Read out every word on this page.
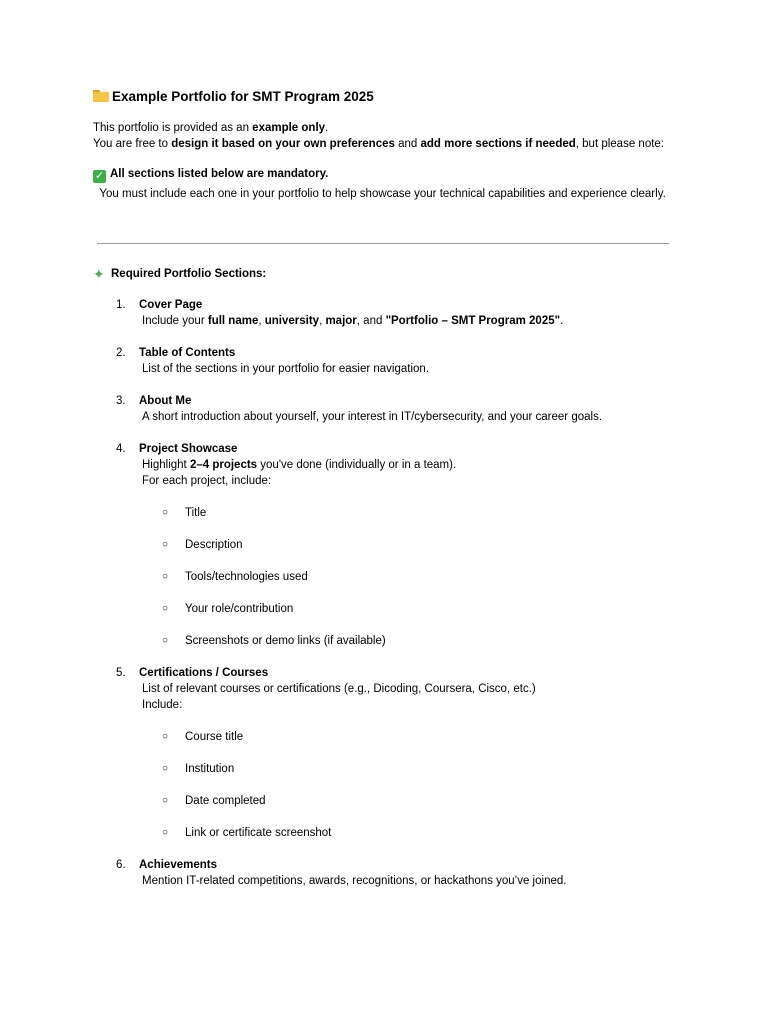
Example Portfolio for SMT Program 2025
This portfolio is provided as an example only.
You are free to design it based on your own preferences and add more sections if needed, but please note:
✓ All sections listed below are mandatory.
You must include each one in your portfolio to help showcase your technical capabilities and experience clearly.
✦ Required Portfolio Sections:
1. Cover Page
Include your full name, university, major, and "Portfolio – SMT Program 2025".
2. Table of Contents
List of the sections in your portfolio for easier navigation.
3. About Me
A short introduction about yourself, your interest in IT/cybersecurity, and your career goals.
4. Project Showcase
Highlight 2–4 projects you've done (individually or in a team).
For each project, include:
○ Title
○ Description
○ Tools/technologies used
○ Your role/contribution
○ Screenshots or demo links (if available)
5. Certifications / Courses
List of relevant courses or certifications (e.g., Dicoding, Coursera, Cisco, etc.)
Include:
○ Course title
○ Institution
○ Date completed
○ Link or certificate screenshot
6. Achievements
Mention IT-related competitions, awards, recognitions, or hackathons you’ve joined.
